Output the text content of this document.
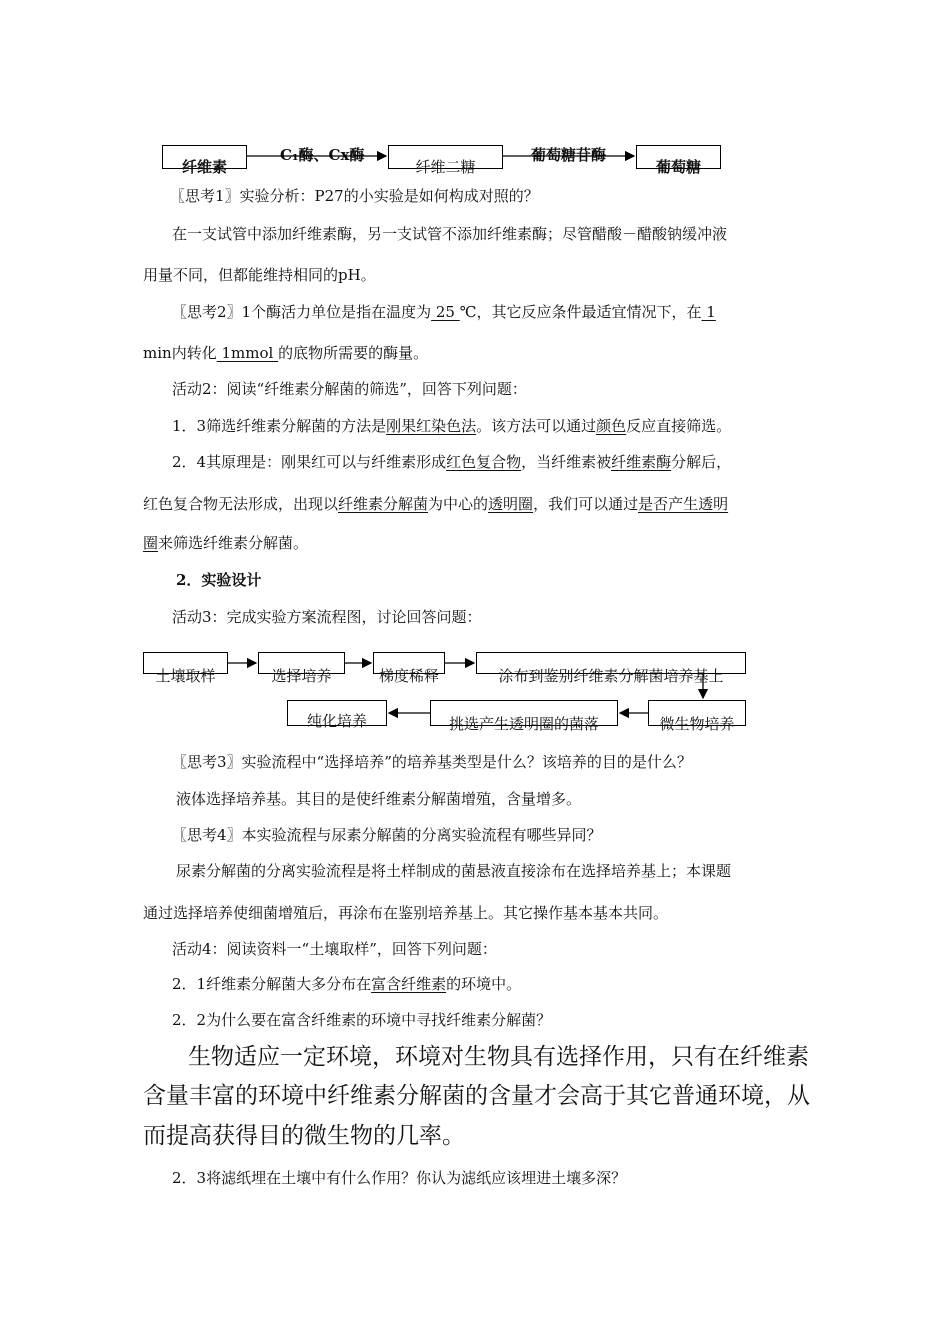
纤维素
C₁酶、Cx酶
纤维二糖
葡萄糖苷酶
葡萄糖
〖思考1〗实验分析：P27的小实验是如何构成对照的？
在一支试管中添加纤维素酶，另一支试管不添加纤维素酶；尽管醋酸－醋酸钠缓冲液
用量不同，但都能维持相同的pH。
〖思考2〗1个酶活力单位是指在温度为 25 ℃，其它反应条件最适宜情况下，在 1
min内转化 1mmol 的底物所需要的酶量。
活动2：阅读“纤维素分解菌的筛选”，回答下列问题：
1．3筛选纤维素分解菌的方法是刚果红染色法。该方法可以通过颜色反应直接筛选。
2．4其原理是：刚果红可以与纤维素形成红色复合物，当纤维素被纤维素酶分解后，
红色复合物无法形成，出现以纤维素分解菌为中心的透明圈，我们可以通过是否产生透明
圈来筛选纤维素分解菌。
2．实验设计
活动3：完成实验方案流程图，讨论回答问题：
土壤取样	选择培养	梯度稀释	涂布到鉴别纤维素分解菌培养基上
微生物培养
挑选产生透明圈的菌落
纯化培养
〖思考3〗实验流程中“选择培养”的培养基类型是什么？该培养的目的是什么？
液体选择培养基。其目的是使纤维素分解菌增殖，含量增多。
〖思考4〗本实验流程与尿素分解菌的分离实验流程有哪些异同？
尿素分解菌的分离实验流程是将土样制成的菌悬液直接涂布在选择培养基上；本课题
通过选择培养使细菌增殖后，再涂布在鉴别培养基上。其它操作基本基本共同。
活动4：阅读资料一“土壤取样”，回答下列问题：
2．1纤维素分解菌大多分布在富含纤维素的环境中。
2．2为什么要在富含纤维素的环境中寻找纤维素分解菌？
生物适应一定环境，环境对生物具有选择作用，只有在纤维素
含量丰富的环境中纤维素分解菌的含量才会高于其它普通环境，从
而提高获得目的微生物的几率。
2．3将滤纸埋在土壤中有什么作用？你认为滤纸应该埋进土壤多深？
